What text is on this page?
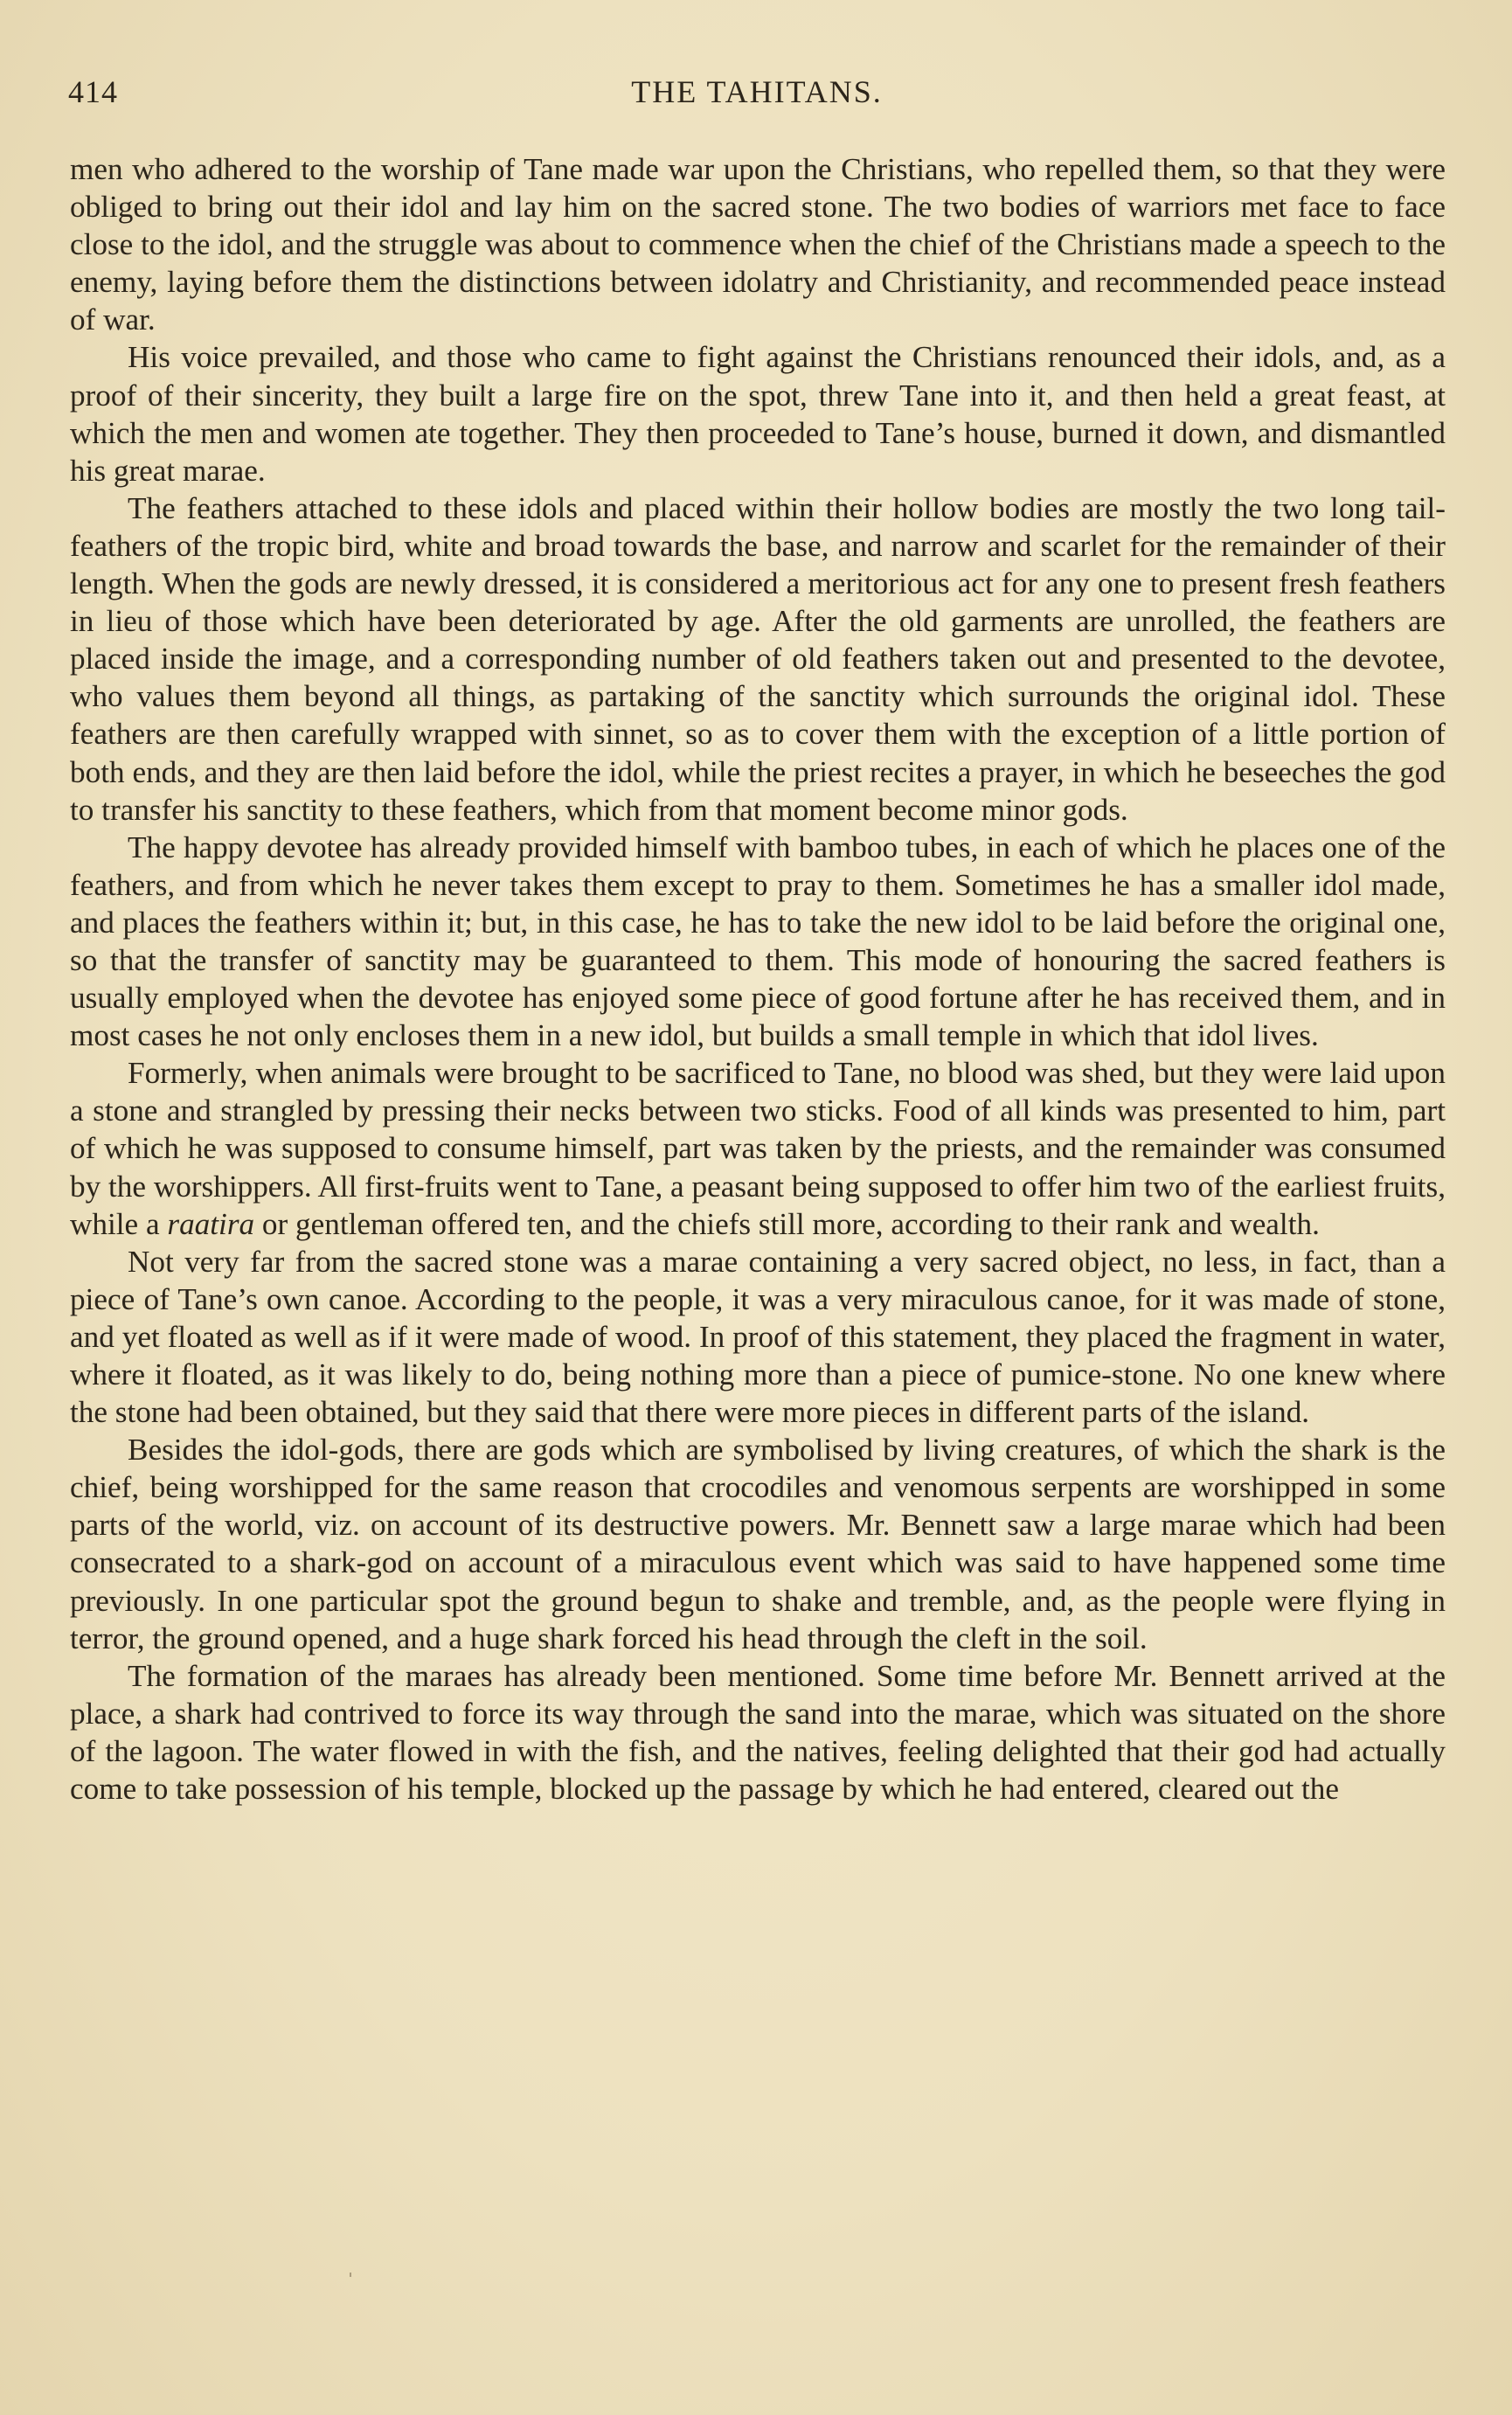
414	THE TAHITANS.

men who adhered to the worship of Tane made war upon the Christians, who repelled them, so that they were obliged to bring out their idol and lay him on the sacred stone. The two bodies of warriors met face to face close to the idol, and the struggle was about to commence when the chief of the Christians made a speech to the enemy, laying before them the distinctions between idolatry and Christianity, and recommended peace instead of war.

His voice prevailed, and those who came to fight against the Christians renounced their idols, and, as a proof of their sincerity, they built a large fire on the spot, threw Tane into it, and then held a great feast, at which the men and women ate together. They then proceeded to Tane’s house, burned it down, and dismantled his great marae.

The feathers attached to these idols and placed within their hollow bodies are mostly the two long tail-feathers of the tropic bird, white and broad towards the base, and narrow and scarlet for the remainder of their length. When the gods are newly dressed, it is considered a meritorious act for any one to present fresh feathers in lieu of those which have been deteriorated by age. After the old garments are unrolled, the feathers are placed inside the image, and a corresponding number of old feathers taken out and presented to the devotee, who values them beyond all things, as partaking of the sanctity which surrounds the original idol. These feathers are then carefully wrapped with sinnet, so as to cover them with the exception of a little portion of both ends, and they are then laid before the idol, while the priest recites a prayer, in which he beseeches the god to transfer his sanctity to these feathers, which from that moment become minor gods.

The happy devotee has already provided himself with bamboo tubes, in each of which he places one of the feathers, and from which he never takes them except to pray to them. Sometimes he has a smaller idol made, and places the feathers within it; but, in this case, he has to take the new idol to be laid before the original one, so that the transfer of sanctity may be guaranteed to them. This mode of honouring the sacred feathers is usually employed when the devotee has enjoyed some piece of good fortune after he has received them, and in most cases he not only encloses them in a new idol, but builds a small temple in which that idol lives.

Formerly, when animals were brought to be sacrificed to Tane, no blood was shed, but they were laid upon a stone and strangled by pressing their necks between two sticks. Food of all kinds was presented to him, part of which he was supposed to consume himself, part was taken by the priests, and the remainder was consumed by the worshippers. All first-fruits went to Tane, a peasant being supposed to offer him two of the earliest fruits, while a raatira or gentleman offered ten, and the chiefs still more, according to their rank and wealth.

Not very far from the sacred stone was a marae containing a very sacred object, no less, in fact, than a piece of Tane’s own canoe. According to the people, it was a very miraculous canoe, for it was made of stone, and yet floated as well as if it were made of wood. In proof of this statement, they placed the fragment in water, where it floated, as it was likely to do, being nothing more than a piece of pumice-stone. No one knew where the stone had been obtained, but they said that there were more pieces in different parts of the island.

Besides the idol-gods, there are gods which are symbolised by living creatures, of which the shark is the chief, being worshipped for the same reason that crocodiles and venomous serpents are worshipped in some parts of the world, viz. on account of its destructive powers. Mr. Bennett saw a large marae which had been consecrated to a shark-god on account of a miraculous event which was said to have happened some time previously. In one particular spot the ground begun to shake and tremble, and, as the people were flying in terror, the ground opened, and a huge shark forced his head through the cleft in the soil.

The formation of the maraes has already been mentioned. Some time before Mr. Bennett arrived at the place, a shark had contrived to force its way through the sand into the marae, which was situated on the shore of the lagoon. The water flowed in with the fish, and the natives, feeling delighted that their god had actually come to take possession of his temple, blocked up the passage by which he had entered, cleared out the
